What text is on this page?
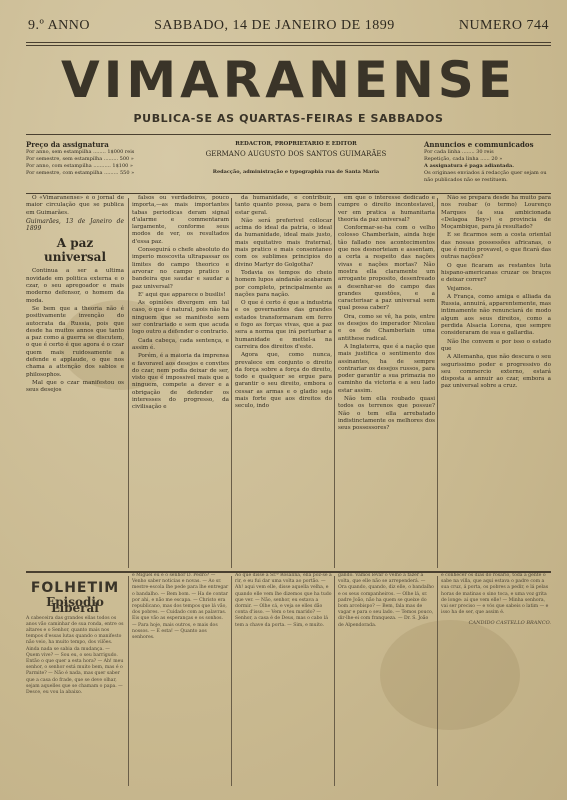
9.º ANNO	SABBADO, 14 DE JANEIRO DE 1899	NUMERO 744
VIMARANENSE
PUBLICA-SE AS QUARTAS-FEIRAS E SABBADOS
Preço da assignatura
Por anno, sem estampilha ........ 1$000 reis
Por semestre, sem estampilha ......... 500 »
Por anno, com estampilha ........... 1$100 »
Por semestre, com estampilha ......... 550 »
REDACTOR, PROPRIETARIO E EDITOR
GERMANO AUGUSTO DOS SANTOS GUIMARÃES
Redacção, administração e typographia rua de Santa Maria
Annuncios e communicados
Por cada linha ........ 30 reis
Repetição, cada linha ...... 20 »
A assignatura é paga adiantada.
Os originaes enviados á redacção quer sejam ou não publicados não se restituem.

O «Vimaranense» é o jornal de maior circulação que se publica em Guimarães.

Guimarães, 13 de Janeiro de 1899

A paz universal

Continua a ser a ultima novidade em politica externa e o czar, o seu apregoador e mais moderno defensor, o homem da moda.

Se bem que a theoria não é positivamente invenção do autocrata da Russia, pois que desde ha muitos annos que tanto a paz como a guerra se discutem, o que é certo é que agora é o czar quem mais ruidosamente a defende e applaude, o que nos chama a attenção dos sabios e philosophos.

Mal que o czar manifestou os seus desejos

falsos ou verdadeiros, pouco importa,—as mais importantes tabas periodicas deram signal d'alarme e commentaram largamente, conforme seus modos de ver, os resultados d'essa paz.

Conseguirá o chefe absoluto do imperio moscovita ultrapassar os limites do campo theorico e arvorar no campo pratico o bandeira que saudar e saudar a paz universal?

E' aqui que apparece o busilis!

As opiniões divergem em tal caso, o que é natural, pois não ha ninguem que se manifeste sem ser contrariado e sem que acuda logo outro a defender o contrario.

Cada cabeça, cada sentença, e assim é.

Porém, é a maioria da imprensa e favoravel aos desejos e convites do czar, nem podia deixar de ser, visto que é impossivel mais que a ninguem, compete a dever e a obrigação de defender os interesses do progresso, da civilisação e

da humanidade, e contribuir, tanto quanto possa, para o bem estar geral.

Não será preferivel collocar acima do ideal da patria, o ideal da humanidade, ideal mais justo, mais equitativo mais fraternal, mais pratico e mais consentaneo com os sublimes principios do divino Martyr do Golgotha?

Todavia os tempos do cheio homem lupos aindanão acabaram por completo, principalmente as nações para nação.

O que é certo é que a industria e os governantes das grandes estados transformaram em ferro e fogo as forças vivas, que a paz sera a norma que irá perturbar a humanidade e mettel-a na carreira dos direitos d'este.

Agora que, como nunca, prevalece em conjunto o direito da força sobre a força do direito, todo e qualquer se ergue para garantir o seu direito, embora o cessar as armas e o gladio seja mais forte que aos direitos do seculo, indo

em que o interesse dedicado e cumpre o direito incontestavel, ver em pratica a humanitaria theoria da paz universal?

Conformar-se-ha com o velho colosso Chamberlain, ainda hoje tão fallado nos acontecimentos que nos desnorteiam e assentam, a certa a respeito das nações vivas e nações mortas? Não mostra ella claramente um arrogante proposito, desenfreado a desenhar-se do campo das grandes questões, e a caracterisar a paz universal sem qual possa caber?

Ora, como se vê, ha pois, entre os desejos do imperador Nicolau e os de Chamberlain uma antithese radical.

A Inglaterra, que é a nação que mais justifica o sentimento dos assinantes, ha de sempre contrariar os desejos russos, para poder garantir a sua primazia no caminho da victoria e a seu lado estar assim.

Não tem ella roubado quasi todos os terrenos que possue? Não o tem ella arrebatado indistinctamente os melhores dos seus possessores?

Não se prepara desde ha muito para nos roubar (o termo) Lourenço Marques (a sua ambicionada «Delagoa Bey») e provincia de Moçambique, para já resultado?

E se ficarmos sem a costa oriental das nossas possessões africanas, o que é muito provavel, o que ficará das outras nações?

O que ficaram as restantes luta hispano-americanas cruzar os braços e deixar correr?

Vejamos.

A França, como amiga e alliada da Russia, annuirá, apparentemente, mas intimamente não renunciará de modo algum aos seus direitos, como a perdida Alsacia Lorena, que sempre consideraram de sua e gallardia.

Não lhe convem e por isso o estado que

A Allemanha, que não descura o seu segurissimo poder e progressivo do seu commercio externo, estará disposta a annuir ao czar, embora a paz universal sobre a cruz.

FOLHETIM
Episodio Liberal

A cabeceira das grandes ellas todos os anos vão caminhar de sua ronda, entre os altares e o Senhor, quanto mais nos tempos d'essas lutas quando o manifesto não veio, ha muito tempo, dos vilões. Ainda nada se sabia da mudança. — Quem vive? — Sou eu, o seu barrigudo. Então o que quer a esta hora? — Ah! meu senhor, o senhor está muito bem, mas é o Parmite? — Não é nada, mas quer saber que a casa do frade, que se deve olhar, sejam aquelles que se chamam o papa. — Desce, eu vou la abaixo.

e Miguel eu e o senhor D. Pedro? — Venho saber noticias e novas. — Ao sr. mestre-escola lhe pede para lhe entregar o bandalho. — Bem bom. — Ha de contar por ahi, e não me escapa. — Christo era republicano, mas dos tempos que lá vão, dos pobres. — Cuidado com as palavras. Eis que vão as esperanças e os sonhos. — Para hoje, mais outros, e mais dos nossos. — E esta! — Quanto aos senhores.

Ao que disse á Sr.ª Rosalina, ella pôz-se a rir, e eu fui dar uma volta ao portão. — Ah! aqui vem elle, disse aquella velha, e quando elle vem lhe dizemos que ha tudo que ver. — Não, senhor, eu estava a dormir. — Olhe cá, e veja se elles dão conta d'isso. — Vem o teu marido? — Senhor, a casa é de Deus, mas o cabo lá tem a chave da porta. — Sim, e muito.

gando. Vamos levar o velho a fazer a volta, que elle não se arrependerá. — Ora quando, quando, diz elle, o bandalho e os seus companheiros. — Olhe lá, sr. padre João, não ha quem se queixe do bom arcebispo? — Bem, fala mas de vagar e para o seu lado. — Temos pouco, dir-lhe-ei com franqueza. — Dr. S. João de Alpendorada.

e conhecer os dias do rosario, toda a gente o sabe na villa, que aqui estava o padre com a sua cruz, á porta, os pobres a pedir, e lá pelas horas de matinas o sino toca, e uma voz grita de longe: ai que vem elle! — Minha senhora, vai ser preciso — e vós que sabeis o latim — e isso ha de ser, que assim é.

CANDIDO CASTELLO BRANCO.
